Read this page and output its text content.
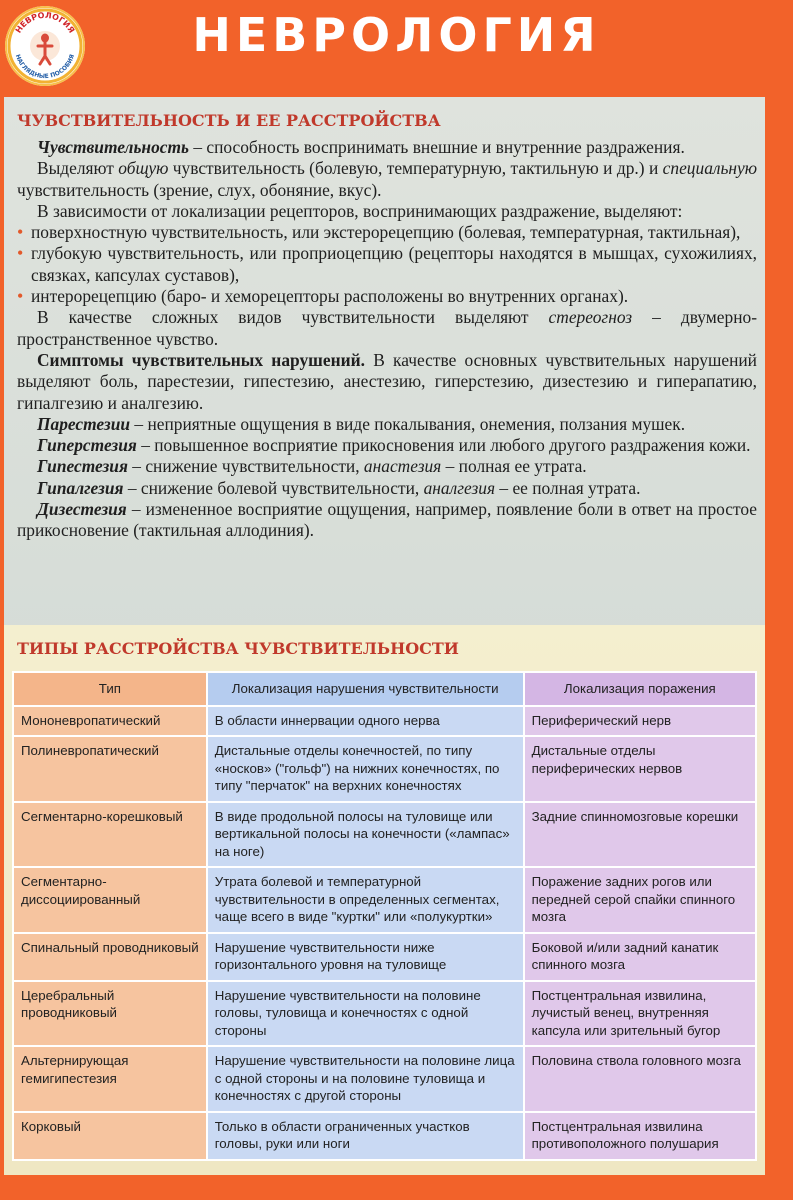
НЕВРОЛОГИЯ
НАГЛЯДНЫЕ ПОСОБИЯ	НЕВРОЛОГИЯ
ЧУВСТВИТЕЛЬНОСТЬ И ЕЕ РАССТРОЙСТВА

Чувствительность – способность воспринимать внешние и внутренние раздражения.

Выделяют общую чувствительность (болевую, температурную, тактильную и др.) и специальную чувствительность (зрение, слух, обоняние, вкус).

В зависимости от локализации рецепторов, воспринимающих раздражение, выделяют:

• поверхностную чувствительность, или экстерорецепцию (болевая, температурная, тактильная),

• глубокую чувствительность, или проприоцепцию (рецепторы находятся в мышцах, сухожилиях, связках, капсулах суставов),

• интерорецепцию (баро- и хеморецепторы расположены во внутренних органах).

В качестве сложных видов чувствительности выделяют стереогноз – двумерно-пространственное чувство.

Симптомы чувствительных нарушений. В качестве основных чувствительных нарушений выделяют боль, парестезии, гипестезию, анестезию, гиперстезию, дизестезию и гиперапатию, гипалгезию и аналгезию.

Парестезии – неприятные ощущения в виде покалывания, онемения, ползания мушек.

Гиперстезия – повышенное восприятие прикосновения или любого другого раздражения кожи.

Гипестезия – снижение чувствительности, анастезия – полная ее утрата.

Гипалгезия – снижение болевой чувствительности, аналгезия – ее полная утрата.

Дизестезия – измененное восприятие ощущения, например, появление боли в ответ на простое прикосновение (тактильная аллодиния).

ТИПЫ РАССТРОЙСТВА ЧУВСТВИТЕЛЬНОСТИ
Тип	Локализация нарушения чувствительности	Локализация поражения
Мононевропатический	В области иннервации одного нерва	Периферический нерв
Полиневропатический	Дистальные отделы конечностей, по типу «носков» ("гольф") на нижних конечностях, по типу "перчаток" на верхних конечностях	Дистальные отделы периферических нервов
Сегментарно-корешковый	В виде продольной полосы на туловище или вертикальной полосы на конечности («лампас» на ноге)	Задние спинномозговые корешки
Сегментарно-диссоциированный	Утрата болевой и температурной чувствительности в определенных сегментах, чаще всего в виде "куртки" или «полукуртки»	Поражение задних рогов или передней серой спайки спинного мозга
Спинальный проводниковый	Нарушение чувствительности ниже горизонтального уровня на туловище	Боковой и/или задний канатик спинного мозга
Церебральный проводниковый	Нарушение чувствительности на половине головы, туловища и конечностях с одной стороны	Постцентральная извилина, лучистый венец, внутренняя капсула или зрительный бугор
Альтернирующая гемигипестезия	Нарушение чувствительности на половине лица с одной стороны и на половине туловища и конечностях с другой стороны	Половина ствола головного мозга
Корковый	Только в области ограниченных участков головы, руки или ноги	Постцентральная извилина противоположного полушария
